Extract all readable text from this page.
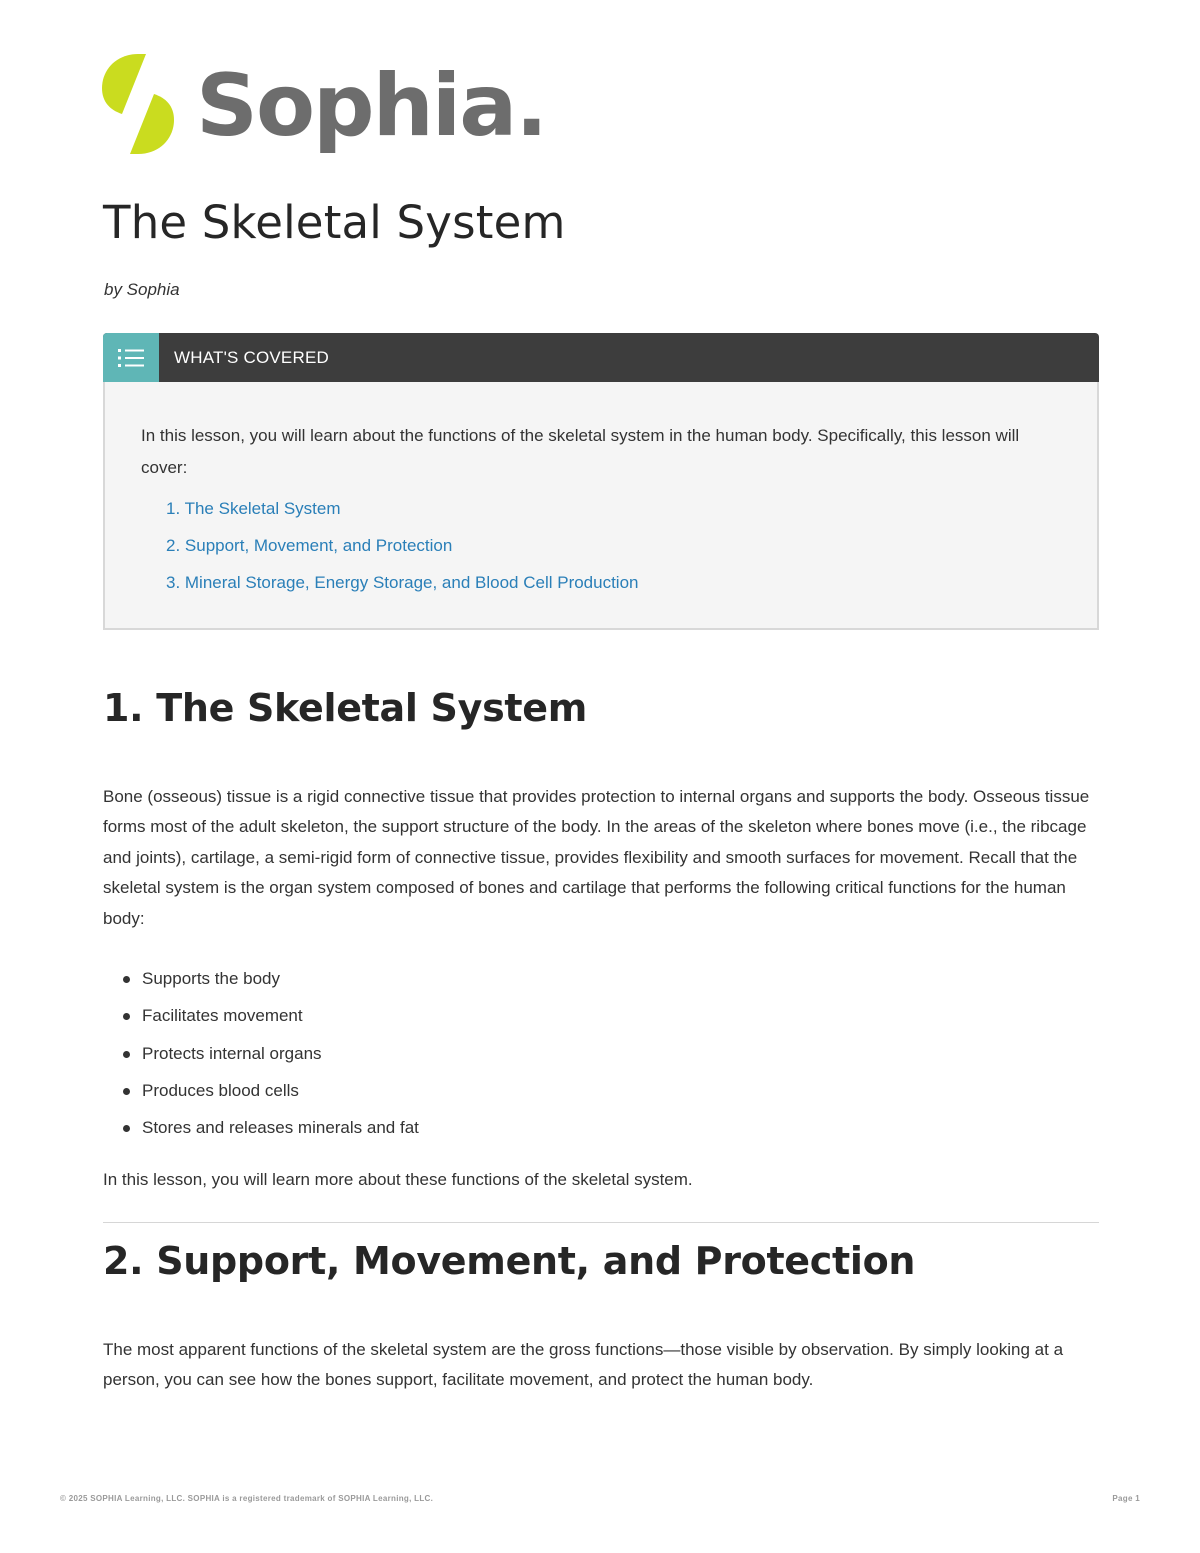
Sophia.
The Skeletal System

by Sophia

WHAT'S COVERED

In this lesson, you will learn about the functions of the skeletal system in the human body. Specifically, this lesson will cover:

1. The Skeletal System
2. Support, Movement, and Protection
3. Mineral Storage, Energy Storage, and Blood Cell Production
1. The Skeletal System

Bone (osseous) tissue is a rigid connective tissue that provides protection to internal organs and supports the body. Osseous tissue forms most of the adult skeleton, the support structure of the body. In the areas of the skeleton where bones move (i.e., the ribcage and joints), cartilage, a semi-rigid form of connective tissue, provides flexibility and smooth surfaces for movement. Recall that the skeletal system is the organ system composed of bones and cartilage that performs the following critical functions for the human body:

Supports the body
Facilitates movement
Protects internal organs
Produces blood cells
Stores and releases minerals and fat

In this lesson, you will learn more about these functions of the skeletal system.

2. Support, Movement, and Protection

The most apparent functions of the skeletal system are the gross functions—those visible by observation. By simply looking at a person, you can see how the bones support, facilitate movement, and protect the human body.

© 2025 SOPHIA Learning, LLC. SOPHIA is a registered trademark of SOPHIA Learning, LLC.	Page 1
